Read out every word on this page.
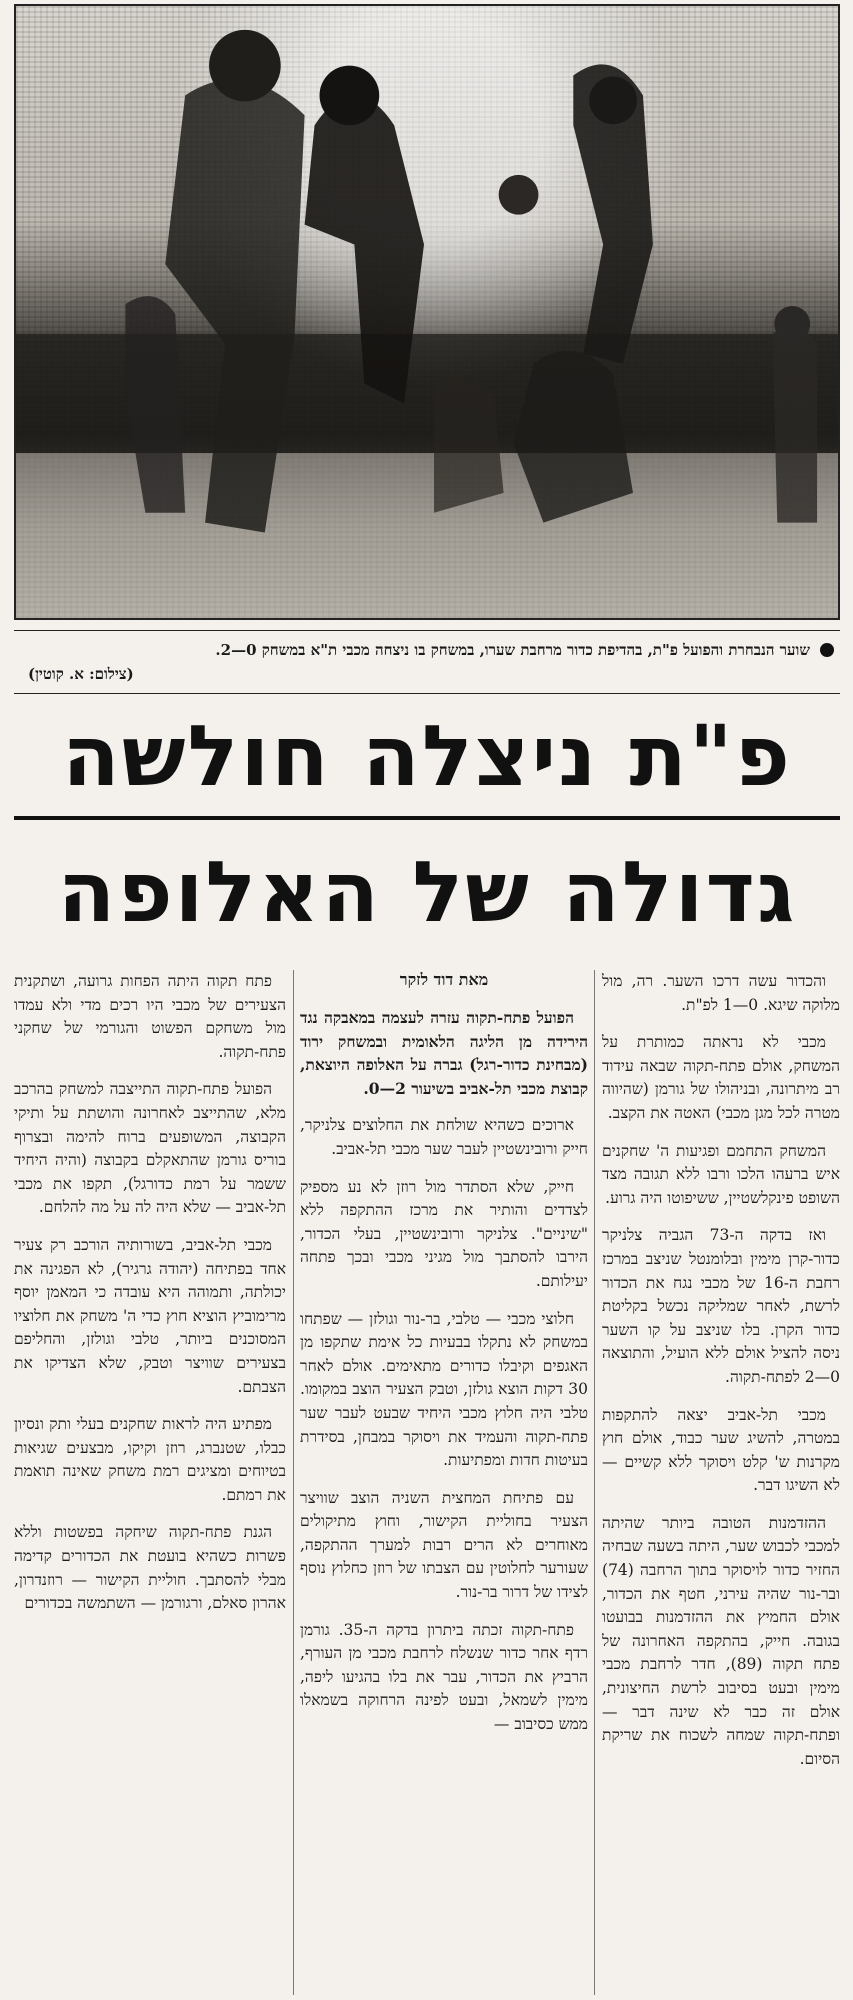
שוער הנבחרת והפועל פ"ת, בהדיפת כדור מרחבת שערו, במשחק בו ניצחה מכבי ת"א במשחק 0—2.
(צילום: א. קוטין)
פ"ת ניצלה חולשה
גדולה של האלופה
מאת דוד לזקר	והכדור עשה דרכו השער. רה, מול מלוקה שיגא. 0—1 לפ"ת.

מכבי לא נראתה כמותרת על המשחק, אולם פתח-תקוה שבאה עידוד רב מיתרונה, ובניהולו של גורמן (שהיווה מטרה לכל מגן מכבי) האטה את הקצב.

המשחק התחמם ופגיעות ה' שחקנים איש ברעהו הלכו ורבו ללא תגובה מצד השופט פינקלשטיין, ששיפוטו היה גרוע.

ואז בדקה ה-73 הגביה צלניקר כדור-קרן מימין ובלומנטל שניצב במרכז רחבת ה-16 של מכבי נגח את הכדור לרשת, לאחר שמליקה נכשל בקליטת כדור הקרן. בלו שניצב על קו השער ניסה להציל אולם ללא הועיל, והתוצאה 0—2 לפתח-תקוה.

מכבי תל-אביב יצאה להתקפות במטרה, להשיג שער כבוד, אולם חוץ מקרנות ש' קלט ויסוקר ללא קשיים — לא השיגו דבר.

ההזדמנות הטובה ביותר שהיתה למכבי לכבוש שער, היתה בשעה שבחיה החזיר כדור לויסוקר בתוך הרחבה (74) ובר-נור שהיה עירני, חטף את הכדור, אולם החמיץ את ההזדמנות בבועטו בגובה. חייק, בהתקפה האחרונה של פתח תקוה (89), חדר לרחבת מכבי מימין ובעט בסיבוב לרשת החיצונית, אולם זה כבר לא שינה דבר — ופתח-תקוה שמחה לשכוח את שריקת הסיום.

הפועל פתח-תקוה עזרה לעצמה במאבקה נגד הירידה מן הליגה הלאומית ובמשחק ירוד (מבחינת כדור-רגל) גברה על האלופה היוצאת, קבוצת מכבי תל-אביב בשיעור 2—0.

ארוכים כשהיא שולחת את החלוצים צלניקר, חייק ורובינשטיין לעבר שער מכבי תל-אביב.

חייק, שלא הסתדר מול רוזן לא נע מספיק לצדדים והותיר את מרכז ההתקפה ללא "שיניים". צלניקר ורובינשטיין, בעלי הכדור, הירבו להסתבך מול מגיני מכבי ובכך פתחה יעילותם.

חלוצי מכבי — טלבי, בר-נור וגולזן — שפתחו במשחק לא נתקלו בבעיות כל אימת שתקפו מן האגפים וקיבלו כדורים מתאימים. אולם לאחר 30 דקות הוצא גולזן, וטבק הצעיר הוצב במקומו. טלבי היה חלוץ מכבי היחיד שבעט לעבר שער פתח-תקוה והעמיד את ויסוקר במבחן, בסידרת בעיטות חדות ומפתיעות.

עם פתיחת המחצית השניה הוצב שוויצר הצעיר בחוליית הקישור, וחוץ מתיקולים מאוחרים לא הרים רבות למערך ההתקפה, שעורער לחלוטין עם הצבתו של רוזן כחלוץ נוסף לצידו של דרור בר-נור.

פתח-תקוה זכתה ביתרון בדקה ה-35. גורמן רדף אחר כדור שנשלח לרחבת מכבי מן העורף, הרביץ את הכדור, עבר את בלו בהגיעו ליפה, מימין לשמאל, ובעט לפינה הרחוקה בשמאלו ממש כסיבוב —

פתח תקוה היתה הפחות גרועה, ושתקנית הצעירים של מכבי היו רכים מדי ולא עמדו מול משחקם הפשוט והגורמי של שחקני פתח-תקוה.

הפועל פתח-תקוה התייצבה למשחק בהרכב מלא, שהתייצב לאחרונה והושתת על ותיקי הקבוצה, המשופעים ברוח להימה ובצרוף בוריס גורמן שהתאקלם בקבוצה (והיה היחיד ששמר על רמת כדורגל), תקפו את מכבי תל-אביב — שלא היה לה על מה להלחם.

מכבי תל-אביב, בשורותיה הורכב רק צעיר אחד בפתיחה (יהודה גרגיר), לא הפגינה את יכולתה, ותמוהה היא עובדה כי המאמן יוסף מרימוביץ הוציא חוץ כדי ה' משחק את חלוציו המסוכנים ביותר, טלבי וגולזן, והחליפם בצעירים שוויצר וטבק, שלא הצדיקו את הצבתם.

מפתיע היה לראות שחקנים בעלי ותק ונסיון כבלו, שטנברג, רוזן וקיקו, מבצעים שגיאות בטיוחים ומציגים רמת משחק שאינה תואמת את רמתם.

הגנת פתח-תקוה שיחקה בפשטות וללא פשרות כשהיא בועטת את הכדורים קדימה מבלי להסתבך. חוליית הקישור — רוזנדרון, אהרון סאלם, ורגורמן — השתמשה בכדורים
